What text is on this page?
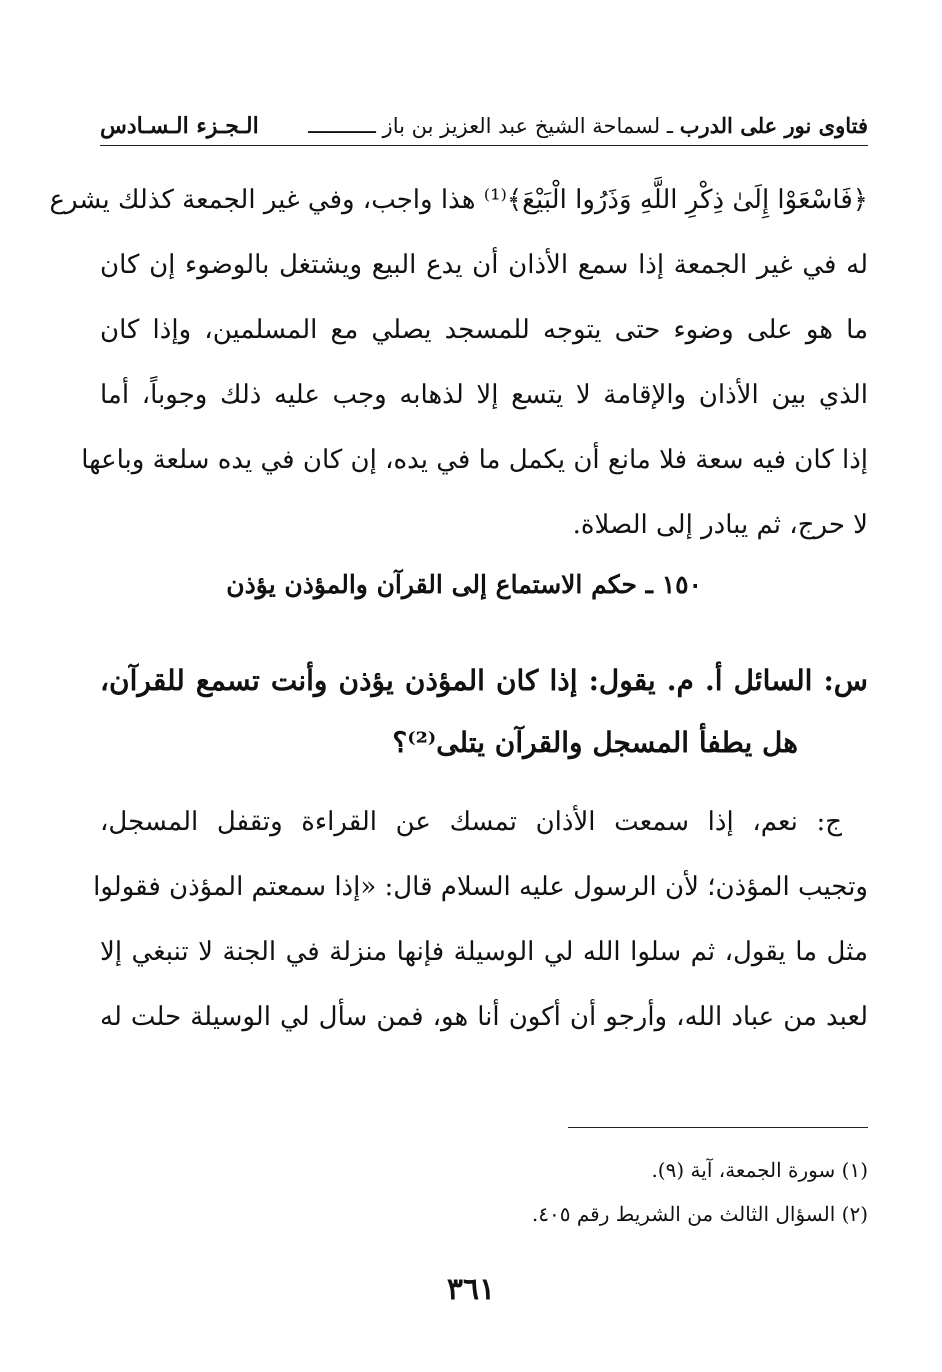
فتاوى نور على الدرب ـ لسماحة الشيخ عبد العزيز بن باز ـــــــــــ
الـجـزء الـسـادس
﴿فَاسْعَوْا إِلَىٰ ذِكْرِ اللَّهِ وَذَرُوا الْبَيْعَ﴾⁽¹⁾ هذا واجب، وفي غير الجمعة كذلك يشرع
له في غير الجمعة إذا سمع الأذان أن يدع البيع ويشتغل بالوضوء إن كان
ما هو على وضوء حتى يتوجه للمسجد يصلي مع المسلمين، وإذا كان
الذي بين الأذان والإقامة لا يتسع إلا لذهابه وجب عليه ذلك وجوباً، أما
إذا كان فيه سعة فلا مانع أن يكمل ما في يده، إن كان في يده سلعة وباعها
لا حرج، ثم يبادر إلى الصلاة.
١٥٠ ـ حكم الاستماع إلى القرآن والمؤذن يؤذن
س: السائل أ. م. يقول: إذا كان المؤذن يؤذن وأنت تسمع للقرآن،
هل يطفأ المسجل والقرآن يتلى⁽²⁾؟
ج: نعم، إذا سمعت الأذان تمسك عن القراءة وتقفل المسجل،
وتجيب المؤذن؛ لأن الرسول عليه السلام قال: «إذا سمعتم المؤذن فقولوا
مثل ما يقول، ثم سلوا الله لي الوسيلة فإنها منزلة في الجنة لا تنبغي إلا
لعبد من عباد الله، وأرجو أن أكون أنا هو، فمن سأل لي الوسيلة حلت له
(١) سورة الجمعة، آية (٩).
(٢) السؤال الثالث من الشريط رقم ٤٠٥.
٣٦١
